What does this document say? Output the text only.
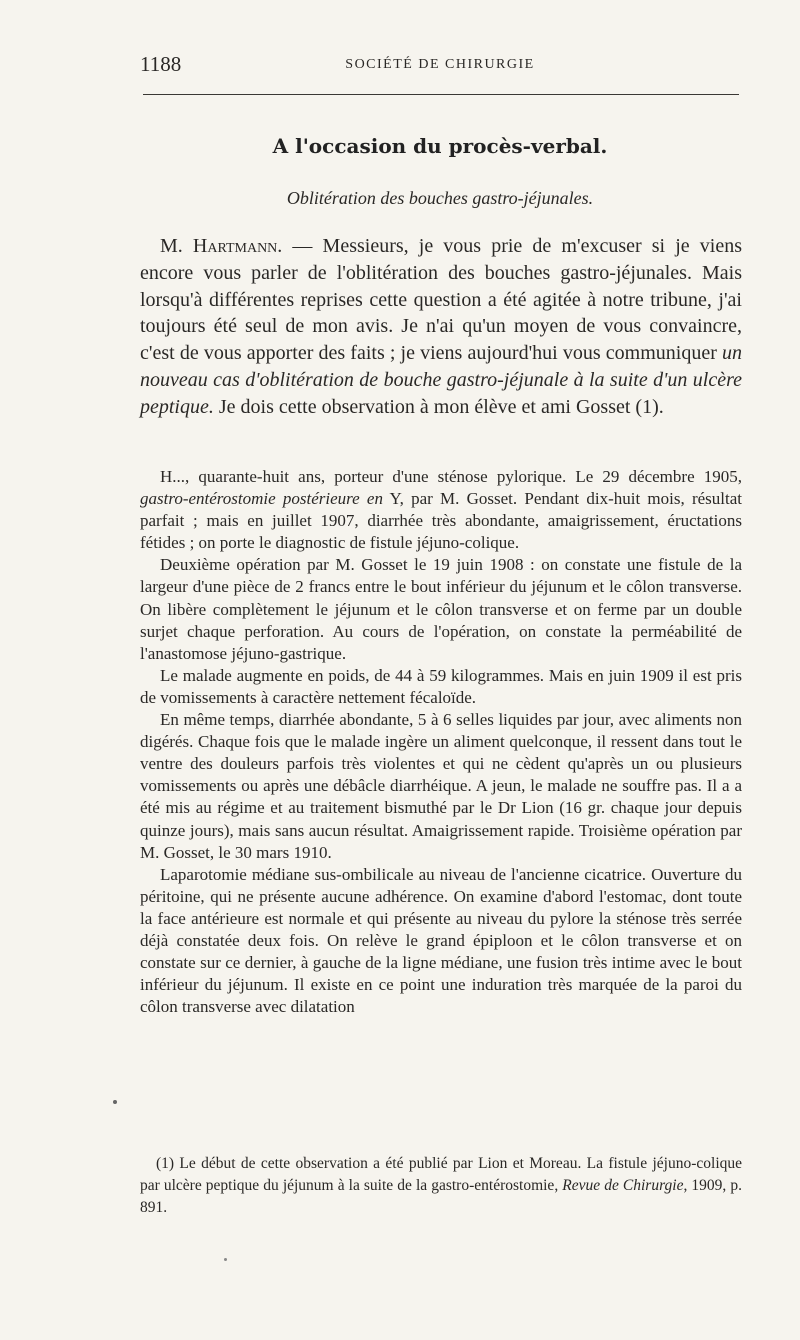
1188	SOCIÉTÉ DE CHIRURGIE
A l'occasion du procès-verbal.
Oblitération des bouches gastro-jéjunales.

M. Hartmann. — Messieurs, je vous prie de m'excuser si je viens encore vous parler de l'oblitération des bouches gastro-jéjunales. Mais lorsqu'à différentes reprises cette question a été agitée à notre tribune, j'ai toujours été seul de mon avis. Je n'ai qu'un moyen de vous convaincre, c'est de vous apporter des faits ; je viens aujourd'hui vous communiquer un nouveau cas d'oblitération de bouche gastro-jéjunale à la suite d'un ulcère peptique. Je dois cette observation à mon élève et ami Gosset (1).

H..., quarante-huit ans, porteur d'une sténose pylorique. Le 29 décembre 1905, gastro-entérostomie postérieure en Y, par M. Gosset. Pendant dix-huit mois, résultat parfait ; mais en juillet 1907, diarrhée très abondante, amaigrissement, éructations fétides ; on porte le diagnostic de fistule jéjuno-colique.

Deuxième opération par M. Gosset le 19 juin 1908 : on constate une fistule de la largeur d'une pièce de 2 francs entre le bout inférieur du jéjunum et le côlon transverse. On libère complètement le jéjunum et le côlon transverse et on ferme par un double surjet chaque perforation. Au cours de l'opération, on constate la perméabilité de l'anastomose jéjuno-gastrique.

Le malade augmente en poids, de 44 à 59 kilogrammes. Mais en juin 1909 il est pris de vomissements à caractère nettement fécaloïde.

En même temps, diarrhée abondante, 5 à 6 selles liquides par jour, avec aliments non digérés. Chaque fois que le malade ingère un aliment quelconque, il ressent dans tout le ventre des douleurs parfois très violentes et qui ne cèdent qu'après un ou plusieurs vomissements ou après une débâcle diarrhéique. A jeun, le malade ne souffre pas. Il a a été mis au régime et au traitement bismuthé par le Dr Lion (16 gr. chaque jour depuis quinze jours), mais sans aucun résultat. Amaigrissement rapide. Troisième opération par M. Gosset, le 30 mars 1910.

Laparotomie médiane sus-ombilicale au niveau de l'ancienne cicatrice. Ouverture du péritoine, qui ne présente aucune adhérence. On examine d'abord l'estomac, dont toute la face antérieure est normale et qui présente au niveau du pylore la sténose très serrée déjà constatée deux fois. On relève le grand épiploon et le côlon transverse et on constate sur ce dernier, à gauche de la ligne médiane, une fusion très intime avec le bout inférieur du jéjunum. Il existe en ce point une induration très marquée de la paroi du côlon transverse avec dilatation

(1) Le début de cette observation a été publié par Lion et Moreau. La fistule jéjuno-colique par ulcère peptique du jéjunum à la suite de la gastro-entérostomie, Revue de Chirurgie, 1909, p. 891.
